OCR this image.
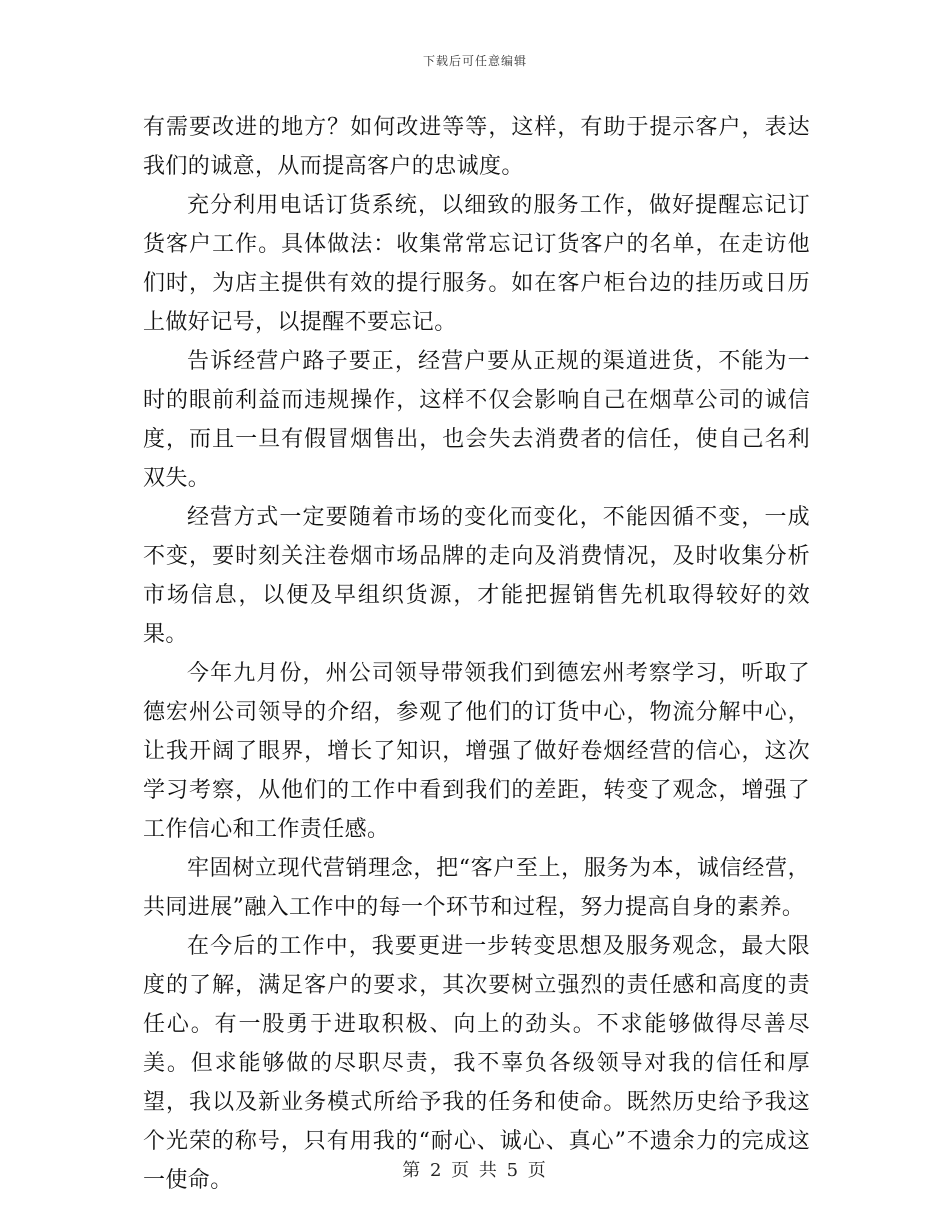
下载后可任意编辑

有需要改进的地方？如何改进等等，这样，有助于提示客户，表达我们的诚意，从而提高客户的忠诚度。

充分利用电话订货系统，以细致的服务工作，做好提醒忘记订货客户工作。具体做法：收集常常忘记订货客户的名单，在走访他们时，为店主提供有效的提行服务。如在客户柜台边的挂历或日历上做好记号，以提醒不要忘记。

告诉经营户路子要正，经营户要从正规的渠道进货，不能为一时的眼前利益而违规操作，这样不仅会影响自己在烟草公司的诚信度，而且一旦有假冒烟售出，也会失去消费者的信任，使自己名利双失。

经营方式一定要随着市场的变化而变化，不能因循不变，一成不变，要时刻关注卷烟市场品牌的走向及消费情况，及时收集分析市场信息，以便及早组织货源，才能把握销售先机取得较好的效果。

今年九月份，州公司领导带领我们到德宏州考察学习，听取了德宏州公司领导的介绍，参观了他们的订货中心，物流分解中心，让我开阔了眼界，增长了知识，增强了做好卷烟经营的信心，这次学习考察，从他们的工作中看到我们的差距，转变了观念，增强了工作信心和工作责任感。

牢固树立现代营销理念，把“客户至上，服务为本，诚信经营，共同进展”融入工作中的每一个环节和过程，努力提高自身的素养。

在今后的工作中，我要更进一步转变思想及服务观念，最大限度的了解，满足客户的要求，其次要树立强烈的责任感和高度的责任心。有一股勇于进取积极、向上的劲头。不求能够做得尽善尽美。但求能够做的尽职尽责，我不辜负各级领导对我的信任和厚望，我以及新业务模式所给予我的任务和使命。既然历史给予我这个光荣的称号，只有用我的“耐心、诚心、真心”不遗余力的完成这一使命。	第 2 页 共 5 页
